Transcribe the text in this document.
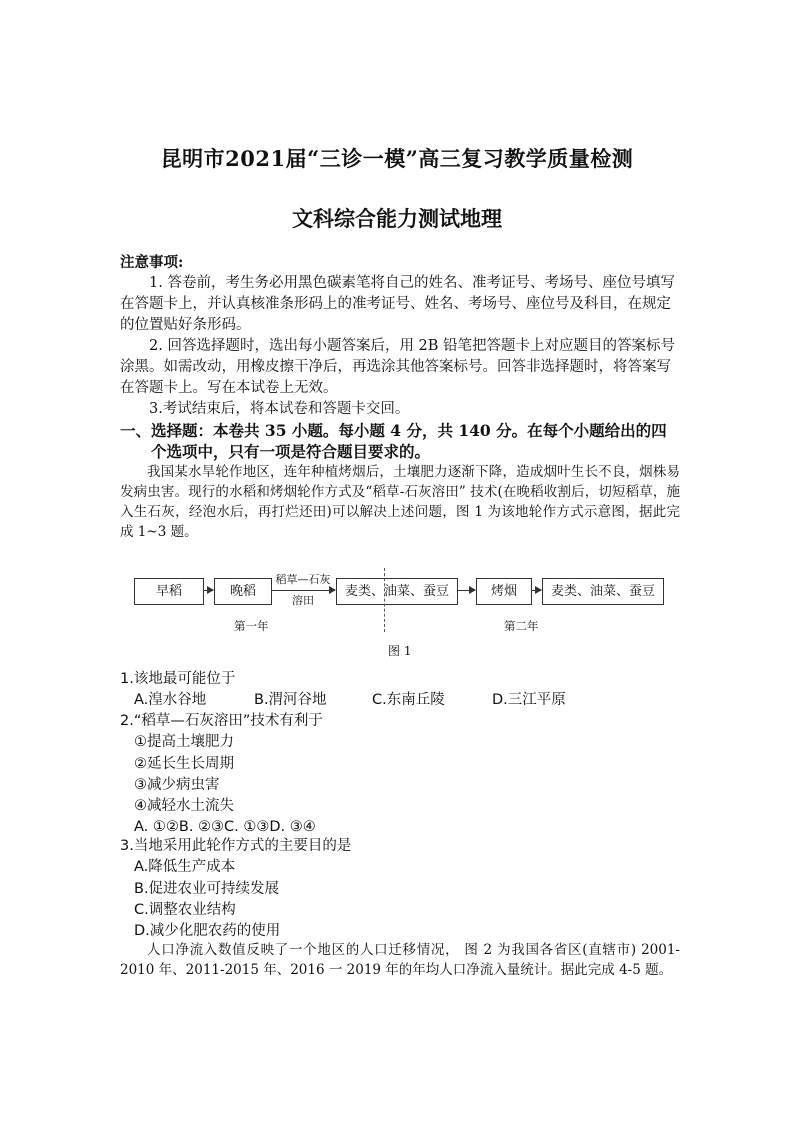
昆明市2021届“三诊一模”高三复习教学质量检测
文科综合能力测试地理

注意事项:

1. 答卷前，考生务必用黑色碳素笔将自己的姓名、准考证号、考场号、座位号填写在答题卡上，并认真核准条形码上的准考证号、姓名、考场号、座位号及科目，在规定的位置贴好条形码。

2. 回答选择题时，选出每小题答案后，用 2B 铅笔把答题卡上对应题目的答案标号涂黑。如需改动，用橡皮擦干净后，再选涂其他答案标号。回答非选择题时，将答案写在答题卡上。写在本试卷上无效。

3.考试结束后，将本试卷和答题卡交回。

一、 选择题：本卷共 35 小题。每小题 4 分，共 140 分。在每个小题给出的四个选项中，只有一项是符合题目要求的。

我国某水旱轮作地区，连年种植烤烟后，土壤肥力逐渐下降，造成烟叶生长不良，烟株易发病虫害。现行的水稻和烤烟轮作方式及“稻草-石灰溶田” 技术(在晚稻收割后，切短稻草，施入生石灰，经泡水后，再打烂还田)可以解决上述问题，图 1 为该地轮作方式示意图，据此完成 1~3 题。

早稻	晚稻
稻草—石灰
溶田
麦类、油菜、蚕豆	烤烟	麦类、油菜、蚕豆
第一年	第二年
图 1

1.该地最可能位于

A.湟水谷地	B.渭河谷地	C.东南丘陵	D.三江平原

2.“稻草—石灰溶田”技术有利于

①提高土壤肥力

②延长生长周期

③减少病虫害

④减轻水土流失

A. ①②B. ②③C. ①③D. ③④

3.当地采用此轮作方式的主要目的是

A.降低生产成本

B.促进农业可持续发展

C.调整农业结构

D.减少化肥农药的使用

人口净流入数值反映了一个地区的人口迁移情况， 图 2 为我国各省区(直辖市) 2001-2010 年、2011-2015 年、2016 一 2019 年的年均人口净流入量统计。据此完成 4-5 题。
